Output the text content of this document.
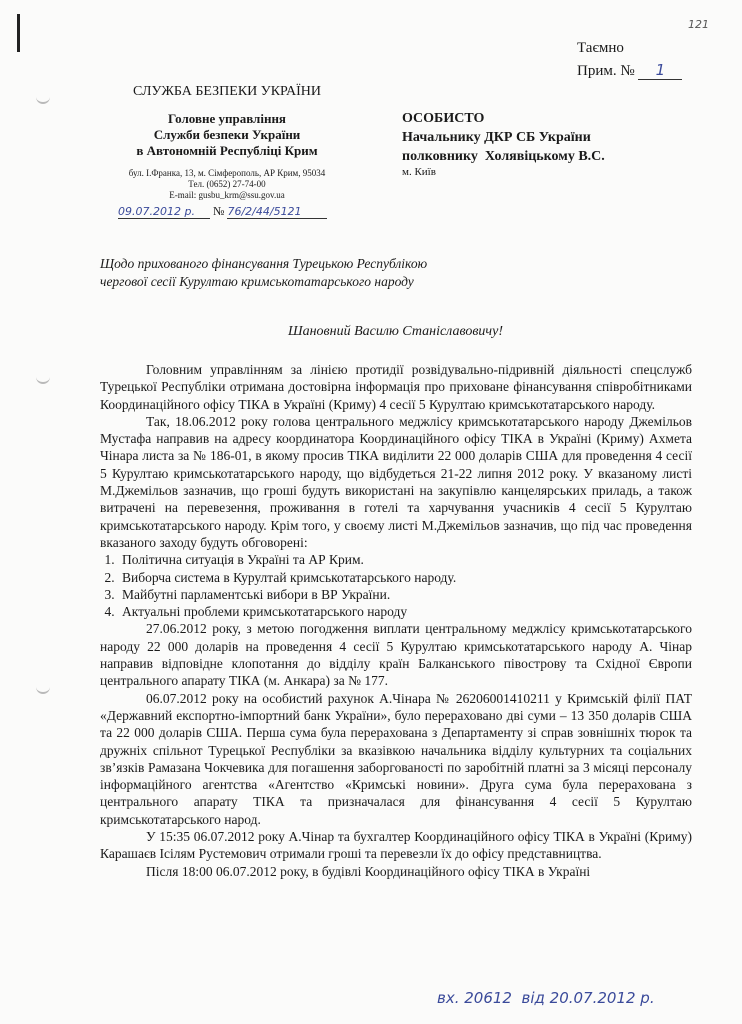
121
Таємно
Прим. № 1
СЛУЖБА БЕЗПЕКИ УКРАЇНИ
Головне управління
Служби безпеки України
в Автономній Республіці Крим
бул. І.Франка, 13, м. Сімферополь, АР Крим, 95034
Тел. (0652) 27-74-00
E-mail: gusbu_krm@ssu.gov.ua
09.07.2012 р. № 76/2/44/5121
ОСОБИСТО
Начальнику ДКР СБ України
полковнику  Холявіцькому В.С.
м. Київ
Щодо прихованого фінансування Турецькою Республікою
чергової сесії Курултаю кримськотатарського народу
Шановний Василю Станіславовичу!

Головним управлінням за лінією протидії розвідувально-підривній діяльності спецслужб Турецької Республіки отримана достовірна інформація про приховане фінансування співробітниками Координаційного офісу ТІКА в Україні (Криму) 4 сесії 5 Курултаю кримськотатарського народу.

Так, 18.06.2012 року голова центрального меджлісу кримськотатарського народу Джемільов Мустафа направив на адресу координатора Координаційного офісу ТІКА в Україні (Криму) Ахмета Чінара листа за № 186-01, в якому просив ТІКА виділити 22 000 доларів США для проведення 4 сесії 5 Курултаю кримськотатарського народу, що відбудеться 21-22 липня 2012 року. У вказаному листі М.Джемільов зазначив, що гроші будуть використані на закупівлю канцелярських приладь, а також витрачені на перевезення, проживання в готелі та харчування учасників 4 сесії 5 Курултаю кримськотатарського народу. Крім того, у своєму листі М.Джемільов зазначив, що під час проведення вказаного заходу будуть обговорені:

1. Політична ситуація в Україні та АР Крим.
2. Виборча система в Курултай кримськотатарського народу.
3. Майбутні парламентські вибори в ВР України.
4. Актуальні проблеми кримськотатарського народу

27.06.2012 року, з метою погодження виплати центральному меджлісу кримськотатарського народу 22 000 доларів на проведення 4 сесії 5 Курултаю кримськотатарського народу А. Чінар направив відповідне клопотання до відділу країн Балканського півострову та Східної Європи центрального апарату ТІКА (м. Анкара) за № 177.

06.07.2012 року на особистий рахунок А.Чінара № 26206001410211 у Кримській філії ПАТ «Державний експортно-імпортний банк України», було перераховано дві суми – 13 350 доларів США та 22 000 доларів США. Перша сума була перерахована з Департаменту зі справ зовнішніх тюрок та дружніх спільнот Турецької Республіки за вказівкою начальника відділу культурних та соціальних зв’язків Рамазана Чокчевика для погашення заборгованості по заробітній платні за 3 місяці персоналу інформаційного агентства «Агентство «Кримські новини». Друга сума була перерахована з центрального апарату ТІКА та призначалася для фінансування 4 сесії 5 Курултаю кримськотатарського народ.

У 15:35 06.07.2012 року А.Чінар та бухгалтер Координаційного офісу ТІКА в Україні (Криму) Карашаєв Ісілям Рустемович отримали гроші та перевезли їх до офісу представництва.

Після 18:00 06.07.2012 року, в будівлі Координаційного офісу ТІКА в Україні

вх. 20612  від 20.07.2012 р.
